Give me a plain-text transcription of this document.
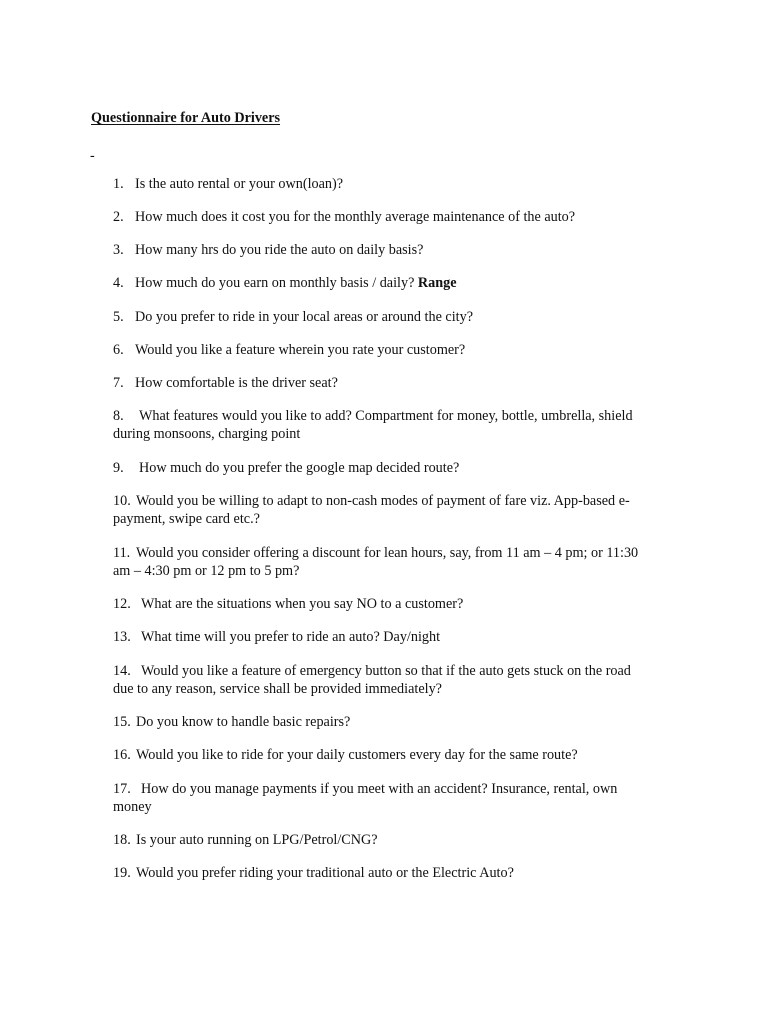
Questionnaire for Auto Drivers
-
1. Is the auto rental or your own(loan)?
2. How much does it cost you for the monthly average maintenance of the auto?
3. How many hrs do you ride the auto on daily basis?
4. How much do you earn on monthly basis / daily? Range
5. Do you prefer to ride in your local areas or around the city?
6. Would you like a feature wherein you rate your customer?
7. How comfortable is the driver seat?
8. What features would you like to add? Compartment for money, bottle, umbrella, shield
during monsoons, charging point
9. How much do you prefer the google map decided route?
10. Would you be willing to adapt to non-cash modes of payment of fare viz. App-based e-
payment, swipe card etc.?
11. Would you consider offering a discount for lean hours, say, from 11 am – 4 pm; or 11:30
am – 4:30 pm or 12 pm to 5 pm?
12. What are the situations when you say NO to a customer?
13. What time will you prefer to ride an auto? Day/night
14. Would you like a feature of emergency button so that if the auto gets stuck on the road
due to any reason, service shall be provided immediately?
15. Do you know to handle basic repairs?
16. Would you like to ride for your daily customers every day for the same route?
17. How do you manage payments if you meet with an accident? Insurance, rental, own
money
18. Is your auto running on LPG/Petrol/CNG?
19. Would you prefer riding your traditional auto or the Electric Auto?
